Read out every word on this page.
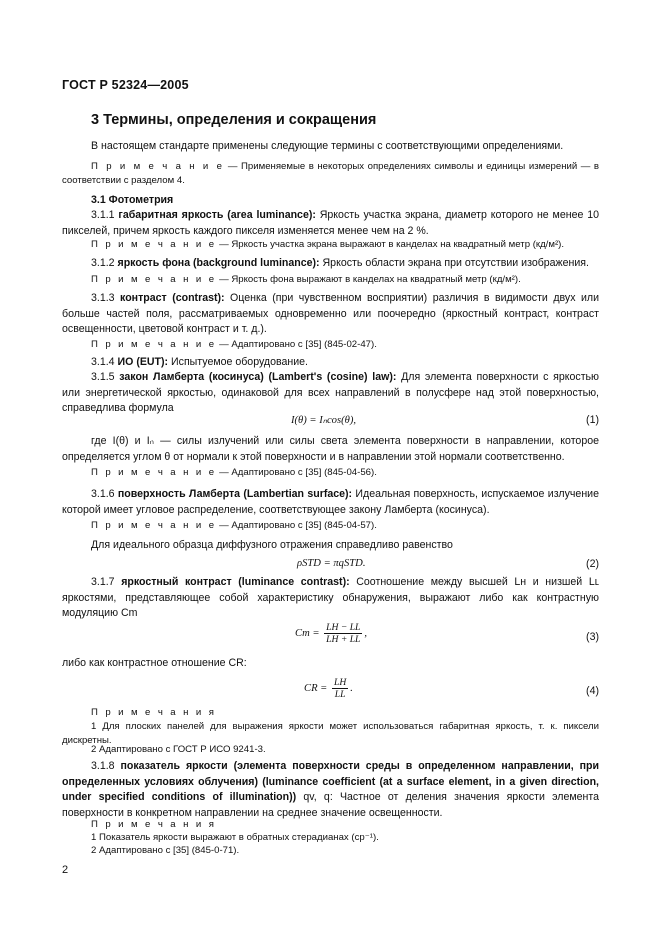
ГОСТ Р 52324—2005
3 Термины, определения и сокращения
В настоящем стандарте применены следующие термины с соответствующими определениями.
П р и м е ч а н и е — Применяемые в некоторых определениях символы и единицы измерений — в соответствии с разделом 4.
3.1 Фотометрия
3.1.1 габаритная яркость (area luminance): Яркость участка экрана, диаметр которого не менее 10 пикселей, причем яркость каждого пикселя изменяется менее чем на 2 %.
П р и м е ч а н и е — Яркость участка экрана выражают в канделах на квадратный метр (кд/м²).
3.1.2 яркость фона (background luminance): Яркость области экрана при отсутствии изображения.
П р и м е ч а н и е — Яркость фона выражают в канделах на квадратный метр (кд/м²).
3.1.3 контраст (contrast): Оценка (при чувственном восприятии) различия в видимости двух или больше частей поля, рассматриваемых одновременно или поочередно (яркостный контраст, контраст освещенности, цветовой контраст и т. д.).
П р и м е ч а н и е — Адаптировано с [35] (845-02-47).
3.1.4 ИО (EUT): Испытуемое оборудование.
3.1.5 закон Ламберта (косинуса) (Lambert's (cosine) law): Для элемента поверхности с яркостью или энергетической яркостью, одинаковой для всех направлений в полусфере над этой поверхностью, справедлива формула
I(θ) = Iₙcos(θ),	(1)
где I(θ) и Iₙ — силы излучений или силы света элемента поверхности в направлении, которое определяется углом θ от нормали к этой поверхности и в направлении этой нормали соответственно.
П р и м е ч а н и е — Адаптировано с [35] (845-04-56).
3.1.6 поверхность Ламберта (Lambertian surface): Идеальная поверхность, испускаемое излучение которой имеет угловое распределение, соответствующее закону Ламберта (косинуса).
П р и м е ч а н и е — Адаптировано с [35] (845-04-57).
Для идеального образца диффузного отражения справедливо равенство
ρSTD = πqSTD.	(2)
3.1.7 яркостный контраст (luminance contrast): Соотношение между высшей Lн и низшей Lʟ яркостями, представляющее собой характеристику обнаружения, выражают либо как контрастную модуляцию Cm
$Cm = \frac{LH - LL}{LH + LL}$ ,	(3)
либо как контрастное отношение CR:
CR = $\frac{LH}{LL}$ .	(4)
П р и м е ч а н и я
1 Для плоских панелей для выражения яркости может использоваться габаритная яркость, т. к. пиксели дискретны.
2 Адаптировано с ГОСТ Р ИСО 9241-3.
3.1.8 показатель яркости (элемента поверхности среды в определенном направлении, при определенных условиях облучения) (luminance coefficient (at a surface element, in a given direction, under specified conditions of illumination)) qv, q: Частное от деления значения яркости элемента поверхности в конкретном направлении на среднее значение освещенности.
П р и м е ч а н и я
1 Показатель яркости выражают в обратных стерадианах (ср⁻¹).
2 Адаптировано с [35] (845-0-71).
2
